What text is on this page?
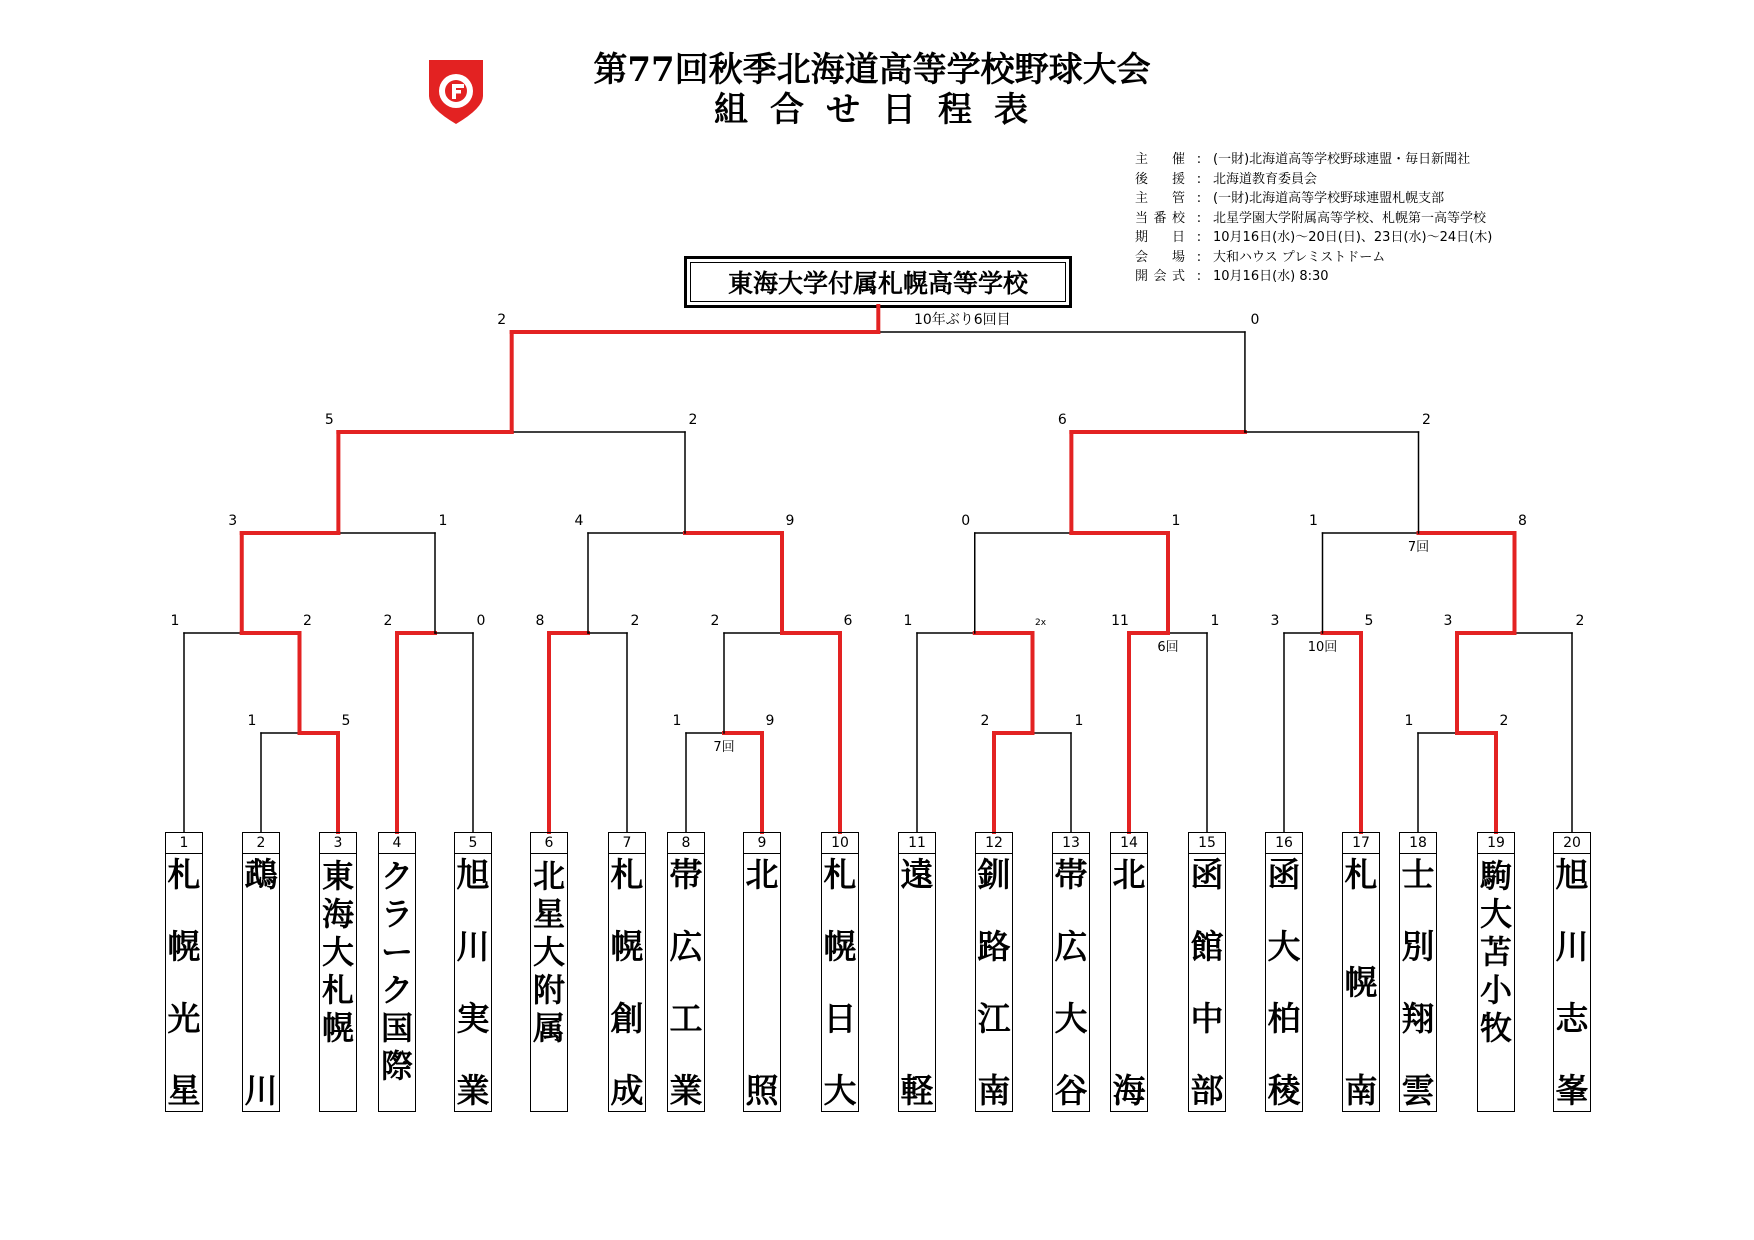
第77回秋季北海道高等学校野球大会
組合せ日程表
主催 : (一財)北海道高等学校野球連盟・毎日新聞社
後援 : 北海道教育委員会
主管 : (一財)北海道高等学校野球連盟札幌支部
当番校 : 北星学園大学附属高等学校、札幌第一高等学校
期日 : 10月16日(水)～20日(日)、23日(水)～24日(木)
会場 : 大和ハウス プレミストドーム
開会式 : 10月16日(水) 8:30
東海大学付属札幌高等学校
1	5	1	9
7回
2	1	1	2
1	2	2	0	8	2	2	6	1	2x	11	1
6回
3	5
10回
3	2
3	1	4	9	0	1	1	8
7回
5	2	6	2
2	0
10年ぶり6回目
1
札
幌
光
星
2
鵡
川
3
東
海
大
札
幌
4
ク
ラ
ー
ク
国
際
5
旭
川
実
業
6
北
星
大
附
属
7
札
幌
創
成
8
帯
広
工
業
9
北
照
10
札
幌
日
大
11
遠
軽
12
釧
路
江
南
13
帯
広
大
谷
14
北
海
15
函
館
中
部
16
函
大
柏
稜
17
札
幌
南
18
士
別
翔
雲
19
駒
大
苫
小
牧
20
旭
川
志
峯
